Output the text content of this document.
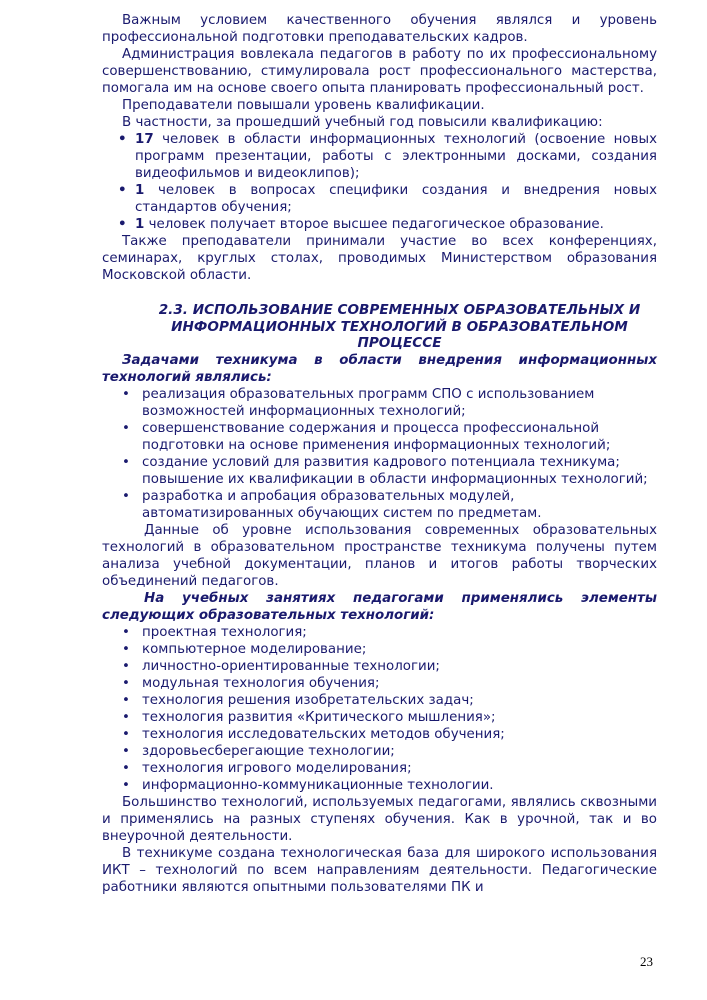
Важным условием качественного обучения являлся и уровень профессиональной подготовки преподавательских кадров.

Администрация вовлекала педагогов в работу по их профессиональному совершенствованию, стимулировала рост профессионального мастерства, помогала им на основе своего опыта планировать профессиональный рост.

Преподаватели повышали уровень квалификации.

В частности, за прошедший учебный год повысили квалификацию:

• 17 человек в области информационных технологий (освоение новых программ презентации, работы с электронными досками, создания видеофильмов и видеоклипов);
• 1 человек в вопросах специфики создания и внедрения новых стандартов обучения;
• 1 человек получает второе высшее педагогическое образование.

Также преподаватели принимали участие во всех конференциях, семинарах, круглых столах, проводимых Министерством образования Московской области.

2.3. ИСПОЛЬЗОВАНИЕ СОВРЕМЕННЫХ ОБРАЗОВАТЕЛЬНЫХ И ИНФОРМАЦИОННЫХ ТЕХНОЛОГИЙ В ОБРАЗОВАТЕЛЬНОМ ПРОЦЕССЕ

Задачами техникума в области внедрения информационных технологий являлись:

• реализация образовательных программ СПО с использованием возможностей информационных технологий;
• совершенствование содержания и процесса профессиональной подготовки на основе применения информационных технологий;
• создание условий для развития кадрового потенциала техникума; повышение их квалификации в области информационных технологий;
• разработка и апробация образовательных модулей, автоматизированных обучающих систем по предметам.

Данные об уровне использования современных образовательных технологий в образовательном пространстве техникума получены путем анализа учебной документации, планов и итогов работы творческих объединений педагогов.

На учебных занятиях педагогами применялись элементы следующих образовательных технологий:

• проектная технология;
• компьютерное моделирование;
• личностно-ориентированные технологии;
• модульная технология обучения;
• технология решения изобретательских задач;
• технология развития «Критического мышления»;
• технология исследовательских методов обучения;
• здоровьесберегающие технологии;
• технология игрового моделирования;
• информационно-коммуникационные технологии.

Большинство технологий, используемых педагогами, являлись сквозными и применялись на разных ступенях обучения. Как в урочной, так и во внеурочной деятельности.

В техникуме создана технологическая база для широкого использования ИКТ – технологий по всем направлениям деятельности. Педагогические работники являются опытными пользователями ПК и

23
